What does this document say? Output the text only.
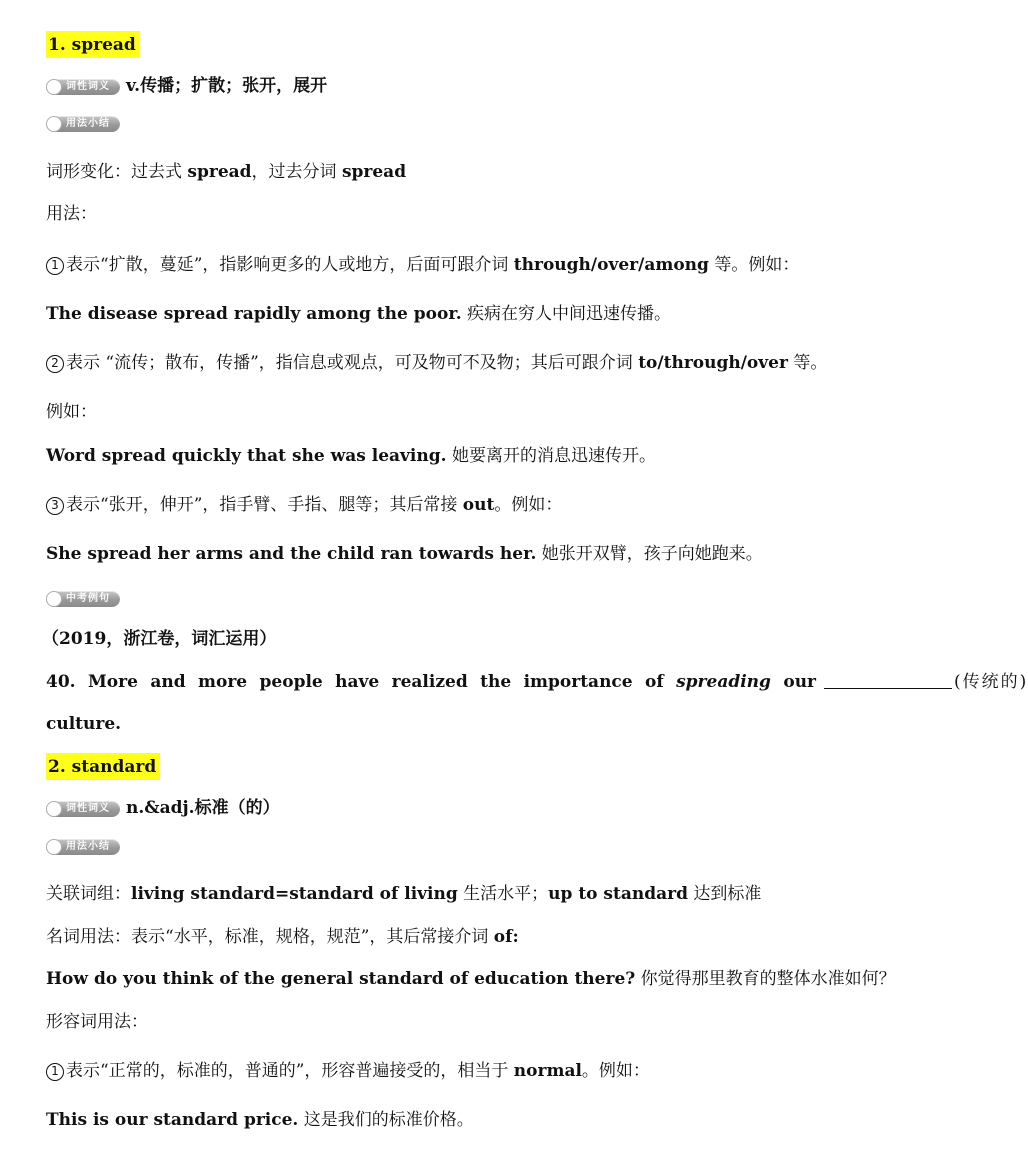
1. spread
词性词义 v.传播；扩散；张开，展开
用法小结
词形变化：过去式 spread，过去分词 spread
用法：
1 表示“扩散，蔓延”，指影响更多的人或地方，后面可跟介词 through/over/among 等。例如：
The disease spread rapidly among the poor. 疾病在穷人中间迅速传播。
2 表示 “流传；散布，传播”，指信息或观点，可及物可不及物；其后可跟介词 to/through/over 等。
例如：
Word spread quickly that she was leaving. 她要离开的消息迅速传开。
3 表示“张开，伸开”，指手臂、手指、腿等；其后常接 out。例如：
She spread her arms and the child ran towards her. 她张开双臂，孩子向她跑来。
中考例句
（2019，浙江卷，词汇运用）
40. More and more people have realized the importance of spreading our	(传统的)
culture.
2. standard
词性词义 n.&adj.标准（的）
用法小结
关联词组：living standard=standard of living 生活水平；up to standard 达到标准
名词用法：表示“水平，标准，规格，规范”，其后常接介词 of:
How do you think of the general standard of education there? 你觉得那里教育的整体水准如何？
形容词用法：
1 表示“正常的，标准的，普通的”，形容普遍接受的，相当于 normal。例如：
This is our standard price. 这是我们的标准价格。
